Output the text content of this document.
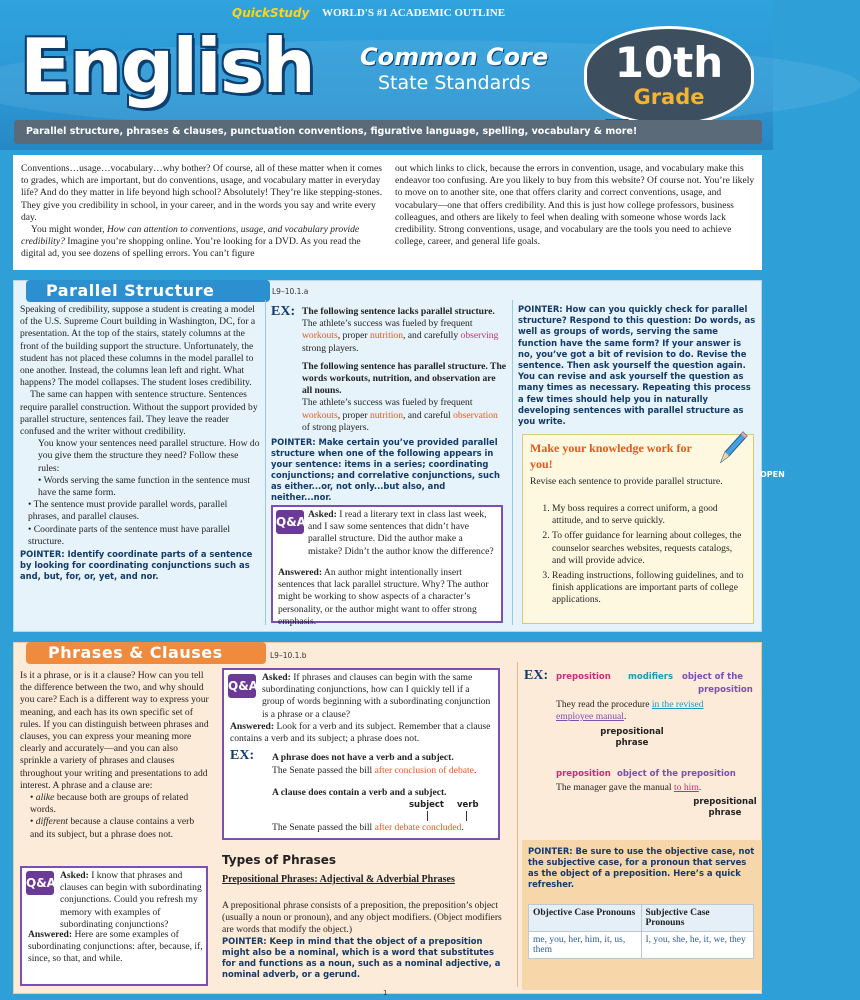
QuickStudy WORLD'S #1 ACADEMIC OUTLINE
English Common Core
State Standards	10th
Grade
Parallel structure, phrases & clauses, punctuation conventions, figurative language, spelling, vocabulary & more!

Conventions…usage…vocabulary…why bother? Of course, all of these matter when it comes to grades, which are important, but do conventions, usage, and vocabulary matter in everyday life? And do they matter in life beyond high school? Absolutely! They’re like stepping-stones. They give you credibility in school, in your career, and in the words you say and write every day.

You might wonder, How can attention to conventions, usage, and vocabulary provide credibility? Imagine you’re shopping online. You’re looking for a DVD. As you read the digital ad, you see dozens of spelling errors. You can’t figure

out which links to click, because the errors in convention, usage, and vocabulary make this endeavor too confusing. Are you likely to buy from this website? Of course not. You’re likely to move on to another site, one that offers clarity and correct conventions, usage, and vocabulary—one that offers credibility. And this is just how college professors, business colleagues, and others are likely to feel when dealing with someone whose words lack credibility. Strong conventions, usage, and vocabulary are the tools you need to achieve college, career, and general life goals.
Parallel Structure	L9–10.1.a

Speaking of credibility, suppose a student is creating a model of the U.S. Supreme Court building in Washington, DC, for a presentation. At the top of the stairs, stately columns at the front of the building support the structure. Unfortunately, the student has not placed these columns in the model parallel to one another. Instead, the columns lean left and right. What happens? The model collapses. The student loses credibility.

The same can happen with sentence structure. Sentences require parallel construction. Without the support provided by parallel structure, sentences fail. They leave the reader confused and the writer without credibility.

You know your sentences need parallel structure. How do you give them the structure they need? Follow these rules:

• Words serving the same function in the sentence must have the same form.

• The sentence must provide parallel words, parallel phrases, and parallel clauses.

• Coordinate parts of the sentence must have parallel structure.

POINTER: Identify coordinate parts of a sentence by looking for coordinating conjunctions such as and, but, for, or, yet, and nor.

EX: The following sentence lacks parallel structure.

The athlete’s success was fueled by frequent workouts, proper nutrition, and carefully observing strong players.

The following sentence has parallel structure. The words workouts, nutrition, and observation are all nouns.

The athlete’s success was fueled by frequent workouts, proper nutrition, and careful observation of strong players.

POINTER: Make certain you’ve provided parallel structure when one of the following appears in your sentence: items in a series; coordinating conjunctions; and correlative conjunctions, such as either...or, not only...but also, and neither...nor.
Q&A
Asked: I read a literary text in class last week, and I saw some sentences that didn’t have parallel structure. Did the author make a mistake? Didn’t the author know the difference?
Answered: An author might intentionally insert sentences that lack parallel structure. Why? The author might be working to show aspects of a character’s personality, or the author might want to offer strong emphasis.
POINTER: How can you quickly check for parallel structure? Respond to this question: Do words, as well as groups of words, serving the same function have the same form? If your answer is no, you’ve got a bit of revision to do. Revise the sentence. Then ask yourself the question again. You can revise and ask yourself the question as many times as necessary. Repeating this process a few times should help you in naturally developing sentences with parallel structure as you write.
Make your knowledge work for you!
Revise each sentence to provide parallel structure.
1. My boss requires a correct uniform, a good attitude, and to serve quickly.
2. To offer guidance for learning about colleges, the counselor searches websites, requests catalogs, and will provide advice.
3. Reading instructions, following guidelines, and to finish applications are important parts of college applications.
OPEN
Phrases & Clauses	L9–10.1.b

Is it a phrase, or is it a clause? How can you tell the difference between the two, and why should you care? Each is a different way to express your meaning, and each has its own specific set of rules. If you can distinguish between phrases and clauses, you can express your meaning more clearly and accurately—and you can also sprinkle a variety of phrases and clauses throughout your writing and presentations to add interest. A phrase and a clause are:

• alike because both are groups of related words.

• different because a clause contains a verb and its subject, but a phrase does not.

Q&A
Asked: I know that phrases and clauses can begin with subordinating conjunctions. Could you refresh my memory with examples of subordinating conjunctions?
Answered: Here are some examples of subordinating conjunctions: after, because, if, since, so that, and while.
Q&A
Asked: If phrases and clauses can begin with the same subordinating conjunctions, how can I quickly tell if a group of words beginning with a subordinating conjunction is a phrase or a clause?
Answered: Look for a verb and its subject. Remember that a clause contains a verb and its subject; a phrase does not.
EX: A phrase does not have a verb and a subject.
The Senate passed the bill after conclusion of debate.
A clause does contain a verb and a subject.
subject verb
The Senate passed the bill after debate concluded.
Types of Phrases
Prepositional Phrases: Adjectival & Adverbial Phrases
A prepositional phrase consists of a preposition, the preposition’s object (usually a noun or pronoun), and any object modifiers. (Object modifiers are words that modify the object.)
POINTER: Keep in mind that the object of a preposition might also be a nominal, which is a word that substitutes for and functions as a noun, such as a nominal adjective, a nominal adverb, or a gerund.
EX: preposition modifiers object of the
preposition
They read the procedure in the revised
employee manual.
prepositional phrase
preposition object of the preposition
The manager gave the manual to him.
prepositional phrase
POINTER: Be sure to use the objective case, not the subjective case, for a pronoun that serves as the object of a preposition. Here’s a quick refresher.
Objective Case Pronouns	Subjective Case Pronouns
me, you, her, him, it, us, them	I, you, she, he, it, we, they
1
